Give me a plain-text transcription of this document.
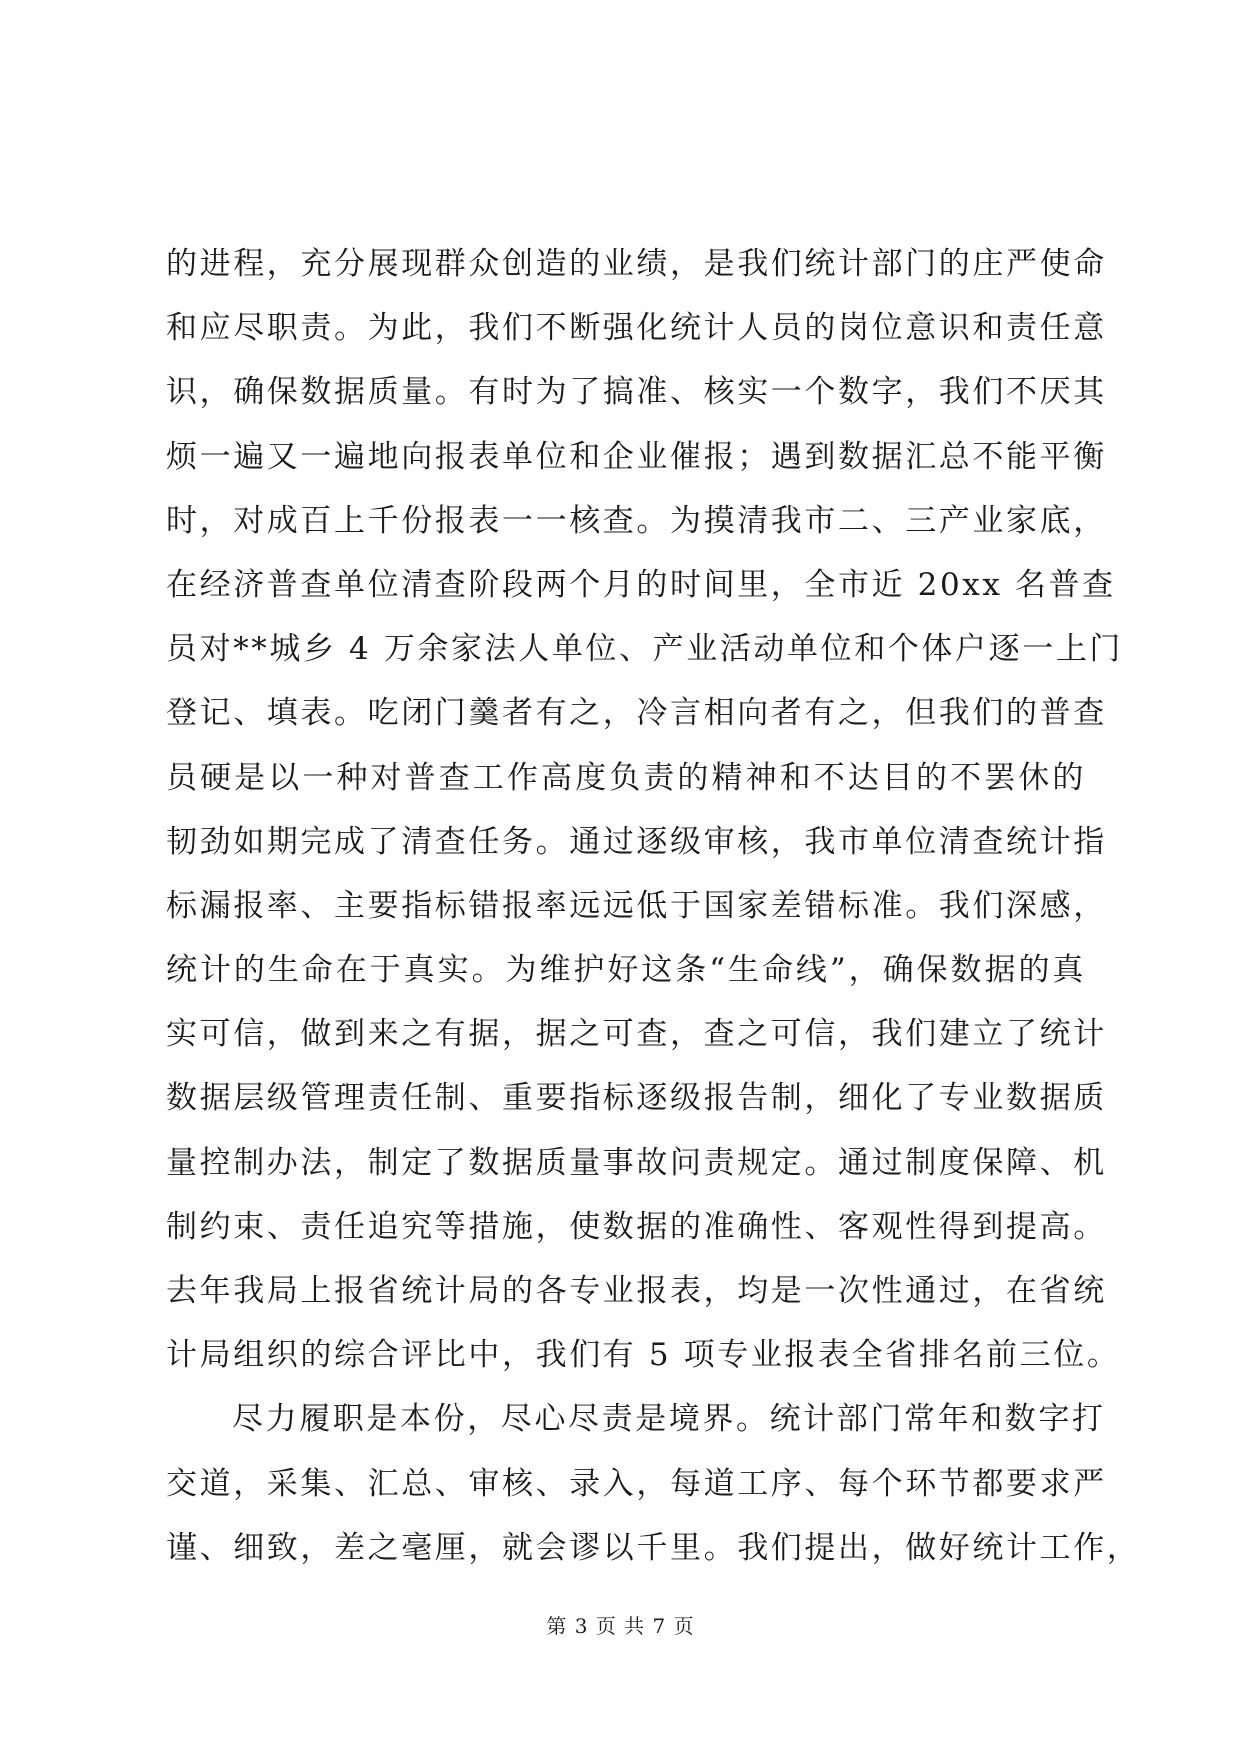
的进程，充分展现群众创造的业绩，是我们统计部门的庄严使命
和应尽职责。为此，我们不断强化统计人员的岗位意识和责任意
识，确保数据质量。有时为了搞准、核实一个数字，我们不厌其
烦一遍又一遍地向报表单位和企业催报；遇到数据汇总不能平衡
时，对成百上千份报表一一核查。为摸清我市二、三产业家底，
在经济普查单位清查阶段两个月的时间里，全市近 20xx 名普查
员对**城乡 4 万余家法人单位、产业活动单位和个体户逐一上门
登记、填表。吃闭门羹者有之，冷言相向者有之，但我们的普查
员硬是以一种对普查工作高度负责的精神和不达目的不罢休的
韧劲如期完成了清查任务。通过逐级审核，我市单位清查统计指
标漏报率、主要指标错报率远远低于国家差错标准。我们深感，
统计的生命在于真实。为维护好这条“生命线”，确保数据的真
实可信，做到来之有据，据之可查，查之可信，我们建立了统计
数据层级管理责任制、重要指标逐级报告制，细化了专业数据质
量控制办法，制定了数据质量事故问责规定。通过制度保障、机
制约束、责任追究等措施，使数据的准确性、客观性得到提高。
去年我局上报省统计局的各专业报表，均是一次性通过，在省统
计局组织的综合评比中，我们有 5 项专业报表全省排名前三位。
尽力履职是本份，尽心尽责是境界。统计部门常年和数字打
交道，采集、汇总、审核、录入，每道工序、每个环节都要求严
谨、细致，差之毫厘，就会谬以千里。我们提出，做好统计工作，
第 3 页 共 7 页
